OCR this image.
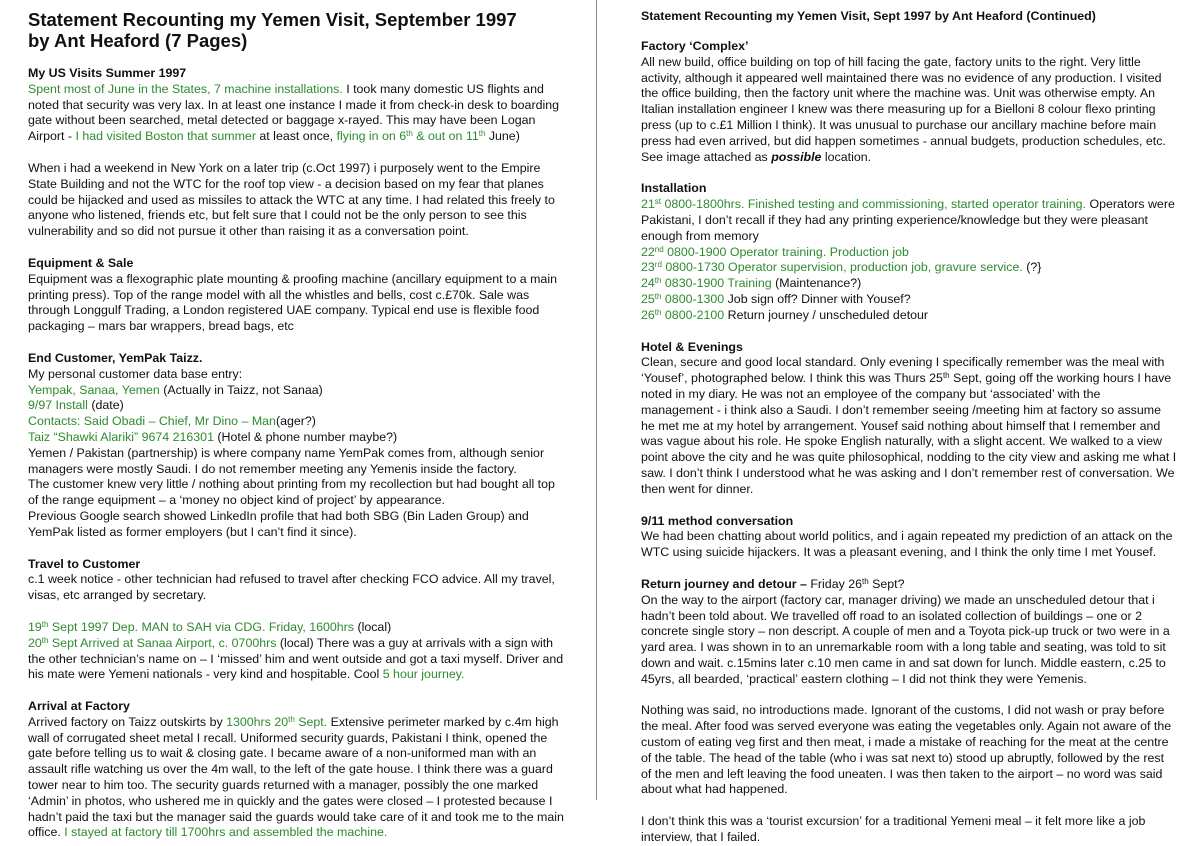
Statement Recounting my Yemen Visit, September 1997
by Ant Heaford (7 Pages)
My US Visits Summer 1997

Spent most of June in the States, 7 machine installations. I took many domestic US flights and

noted that security was very lax. In at least one instance I made it from check-in desk to boarding

gate without been searched, metal detected or baggage x-rayed. This may have been Logan

Airport - I had visited Boston that summer at least once, flying in on 6th & out on 11th June)

When i had a weekend in New York on a later trip (c.Oct 1997) i purposely went to the Empire

State Building and not the WTC for the roof top view - a decision based on my fear that planes

could be hijacked and used as missiles to attack the WTC at any time. I had related this freely to

anyone who listened, friends etc, but felt sure that I could not be the only person to see this

vulnerability and so did not pursue it other than raising it as a conversation point.

Equipment & Sale

Equipment was a flexographic plate mounting & proofing machine (ancillary equipment to a main

printing press). Top of the range model with all the whistles and bells, cost c.£70k. Sale was

through Longgulf Trading, a London registered UAE company. Typical end use is flexible food

packaging – mars bar wrappers, bread bags, etc

End Customer, YemPak Taizz.

My personal customer data base entry:

Yempak, Sanaa, Yemen (Actually in Taizz, not Sanaa)

9/97 Install (date)

Contacts: Said Obadi – Chief, Mr Dino – Man(ager?)

Taiz “Shawki Alariki” 9674 216301 (Hotel & phone number maybe?)

Yemen / Pakistan (partnership) is where company name YemPak comes from, although senior

managers were mostly Saudi. I do not remember meeting any Yemenis inside the factory.

The customer knew very little / nothing about printing from my recollection but had bought all top

of the range equipment – a ‘money no object kind of project’ by appearance.

Previous Google search showed LinkedIn profile that had both SBG (Bin Laden Group) and

YemPak listed as former employers (but I can’t find it since).

Travel to Customer

c.1 week notice - other technician had refused to travel after checking FCO advice. All my travel,

visas, etc arranged by secretary.

19th Sept 1997 Dep. MAN to SAH via CDG. Friday, 1600hrs (local)

20th Sept Arrived at Sanaa Airport, c. 0700hrs (local) There was a guy at arrivals with a sign with

the other technician’s name on – I ‘missed’ him and went outside and got a taxi myself. Driver and

his mate were Yemeni nationals - very kind and hospitable. Cool 5 hour journey.

Arrival at Factory

Arrived factory on Taizz outskirts by 1300hrs 20th Sept. Extensive perimeter marked by c.4m high

wall of corrugated sheet metal I recall. Uniformed security guards, Pakistani I think, opened the

gate before telling us to wait & closing gate. I became aware of a non-uniformed man with an

assault rifle watching us over the 4m wall, to the left of the gate house. I think there was a guard

tower near to him too. The security guards returned with a manager, possibly the one marked

‘Admin’ in photos, who ushered me in quickly and the gates were closed – I protested because I

hadn’t paid the taxi but the manager said the guards would take care of it and took me to the main

office. I stayed at factory till 1700hrs and assembled the machine.

Statement Recounting my Yemen Visit, Sept 1997 by Ant Heaford (Continued)
Factory ‘Complex’

All new build, office building on top of hill facing the gate, factory units to the right. Very little

activity, although it appeared well maintained there was no evidence of any production. I visited

the office building, then the factory unit where the machine was. Unit was otherwise empty. An

Italian installation engineer I knew was there measuring up for a Bielloni 8 colour flexo printing

press (up to c.£1 Million I think). It was unusual to purchase our ancillary machine before main

press had even arrived, but did happen sometimes - annual budgets, production schedules, etc.

See image attached as possible location.

Installation

21st 0800-1800hrs. Finished testing and commissioning, started operator training. Operators were

Pakistani, I don’t recall if they had any printing experience/knowledge but they were pleasant

enough from memory

22nd 0800-1900 Operator training. Production job

23rd 0800-1730 Operator supervision, production job, gravure service. (?}

24th 0830-1900 Training (Maintenance?)

25th 0800-1300 Job sign off? Dinner with Yousef?

26th 0800-2100 Return journey / unscheduled detour

Hotel & Evenings

Clean, secure and good local standard. Only evening I specifically remember was the meal with

‘Yousef’, photographed below. I think this was Thurs 25th Sept, going off the working hours I have

noted in my diary. He was not an employee of the company but ‘associated’ with the

management - i think also a Saudi. I don’t remember seeing /meeting him at factory so assume

he met me at my hotel by arrangement. Yousef said nothing about himself that I remember and

was vague about his role. He spoke English naturally, with a slight accent. We walked to a view

point above the city and he was quite philosophical, nodding to the city view and asking me what I

saw. I don’t think I understood what he was asking and I don’t remember rest of conversation. We

then went for dinner.

9/11 method conversation

We had been chatting about world politics, and i again repeated my prediction of an attack on the

WTC using suicide hijackers. It was a pleasant evening, and I think the only time I met Yousef.

Return journey and detour – Friday 26th Sept?

On the way to the airport (factory car, manager driving) we made an unscheduled detour that i

hadn’t been told about. We travelled off road to an isolated collection of buildings – one or 2

concrete single story – non descript. A couple of men and a Toyota pick-up truck or two were in a

yard area. I was shown in to an unremarkable room with a long table and seating, was told to sit

down and wait. c.15mins later c.10 men came in and sat down for lunch. Middle eastern, c.25 to

45yrs, all bearded, ‘practical’ eastern clothing – I did not think they were Yemenis.

Nothing was said, no introductions made. Ignorant of the customs, I did not wash or pray before

the meal. After food was served everyone was eating the vegetables only. Again not aware of the

custom of eating veg first and then meat, i made a mistake of reaching for the meat at the centre

of the table. The head of the table (who i was sat next to) stood up abruptly, followed by the rest

of the men and left leaving the food uneaten. I was then taken to the airport – no word was said

about what had happened.

I don’t think this was a ‘tourist excursion’ for a traditional Yemeni meal – it felt more like a job

interview, that I failed.
